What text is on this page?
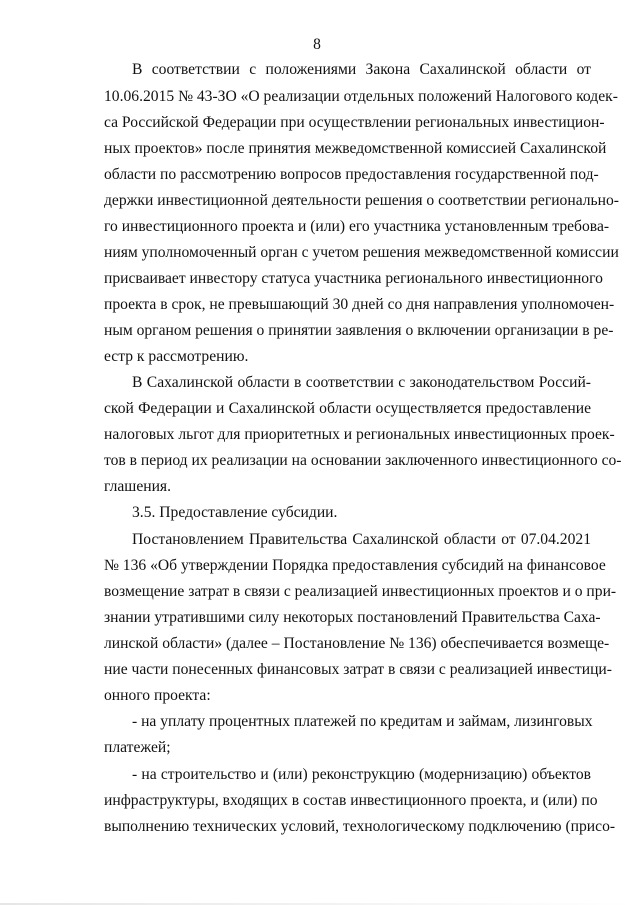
8
В соответствии с положениями Закона Сахалинской области от
10.06.2015 № 43-ЗО «О реализации отдельных положений Налогового кодек-
са Российской Федерации при осуществлении региональных инвестицион-
ных проектов» после принятия межведомственной комиссией Сахалинской
области по рассмотрению вопросов предоставления государственной под-
держки инвестиционной деятельности решения о соответствии регионально-
го инвестиционного проекта и (или) его участника установленным требова-
ниям уполномоченный орган с учетом решения межведомственной комиссии
присваивает инвестору статуса участника регионального инвестиционного
проекта в срок, не превышающий 30 дней со дня направления уполномочен-
ным органом решения о принятии заявления о включении организации в ре-
естр к рассмотрению.
В Сахалинской области в соответствии с законодательством Россий-
ской Федерации и Сахалинской области осуществляется предоставление
налоговых льгот для приоритетных и региональных инвестиционных проек-
тов в период их реализации на основании заключенного инвестиционного со-
глашения.
3.5. Предоставление субсидии.
Постановлением Правительства Сахалинской области от 07.04.2021
№ 136 «Об утверждении Порядка предоставления субсидий на финансовое
возмещение затрат в связи с реализацией инвестиционных проектов и о при-
знании утратившими силу некоторых постановлений Правительства Саха-
линской области» (далее – Постановление № 136) обеспечивается возмеще-
ние части понесенных финансовых затрат в связи с реализацией инвестици-
онного проекта:
- на уплату процентных платежей по кредитам и займам, лизинговых
платежей;
- на строительство и (или) реконструкцию (модернизацию) объектов
инфраструктуры, входящих в состав инвестиционного проекта, и (или) по
выполнению технических условий, технологическому подключению (присо-
